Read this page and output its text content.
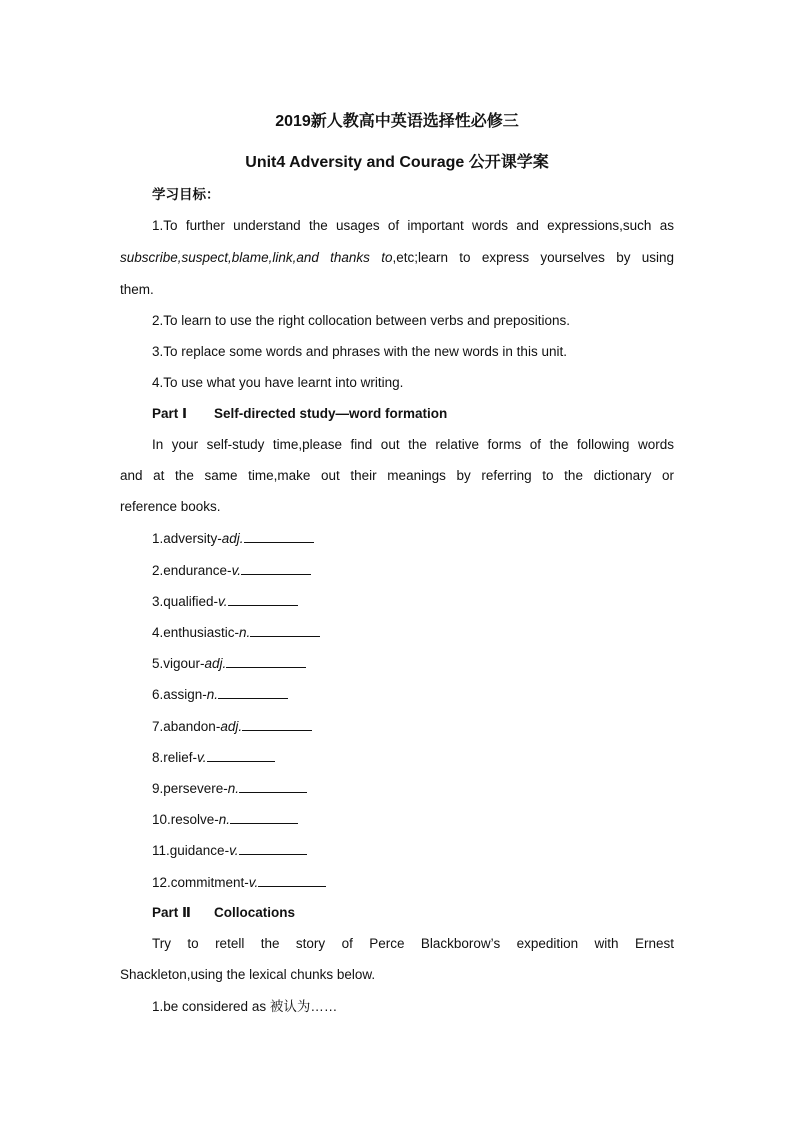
2019新人教高中英语选择性必修三
Unit4 Adversity and Courage 公开课学案
学习目标：
1.To further understand the usages of important words and expressions,such as
subscribe,suspect,blame,link,and thanks to,etc;learn to express yourselves by using
them.
2.To learn to use the right collocation between verbs and prepositions.
3.To replace some words and phrases with the new words in this unit.
4.To use what you have learnt into writing.
Part Ⅰ Self-directed study—word formation
In your self-study time,please find out the relative forms of the following words
and at the same time,make out their meanings by referring to the dictionary or
reference books.
1.adversity-adj.
2.endurance-v.
3.qualified-v.
4.enthusiastic-n.
5.vigour-adj.
6.assign-n.
7.abandon-adj.
8.relief-v.
9.persevere-n.
10.resolve-n.
11.guidance-v.
12.commitment-v.
Part Ⅱ Collocations
Try to retell the story of Perce Blackborow’s expedition with Ernest
Shackleton,using the lexical chunks below.
1.be considered as 被认为……
